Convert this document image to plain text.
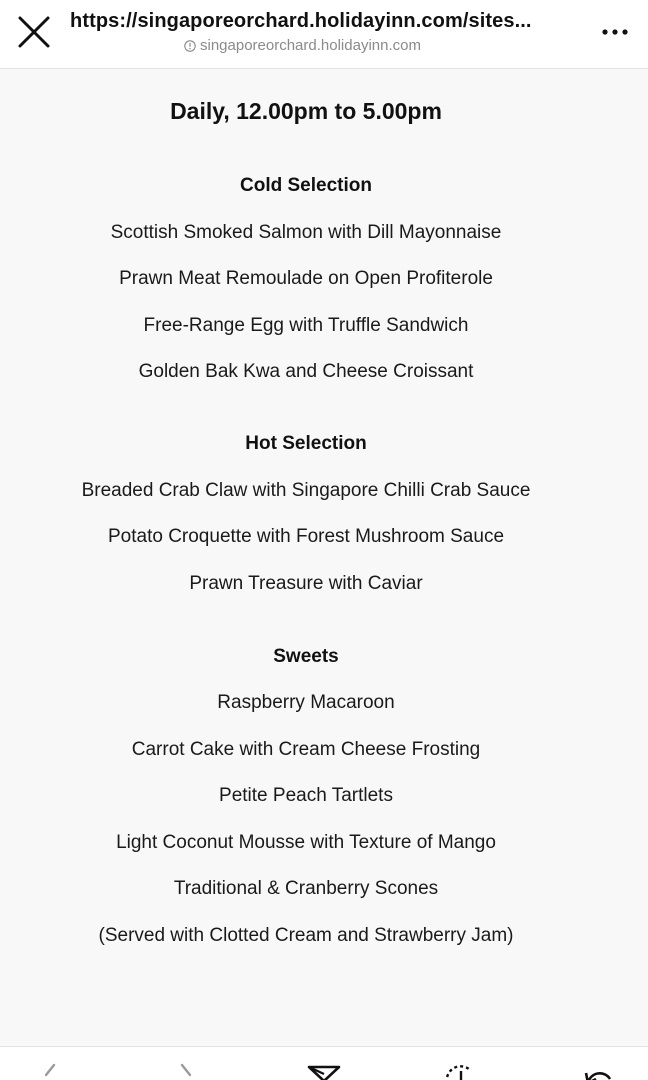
https://singaporeorchard.holidayinn.com/sites...
singaporeorchard.holidayinn.com
Daily, 12.00pm to 5.00pm
Cold Selection
Scottish Smoked Salmon with Dill Mayonnaise
Prawn Meat Remoulade on Open Profiterole
Free-Range Egg with Truffle Sandwich
Golden Bak Kwa and Cheese Croissant
Hot Selection
Breaded Crab Claw with Singapore Chilli Crab Sauce
Potato Croquette with Forest Mushroom Sauce
Prawn Treasure with Caviar
Sweets
Raspberry Macaroon
Carrot Cake with Cream Cheese Frosting
Petite Peach Tartlets
Light Coconut Mousse with Texture of Mango
Traditional & Cranberry Scones
(Served with Clotted Cream and Strawberry Jam)
